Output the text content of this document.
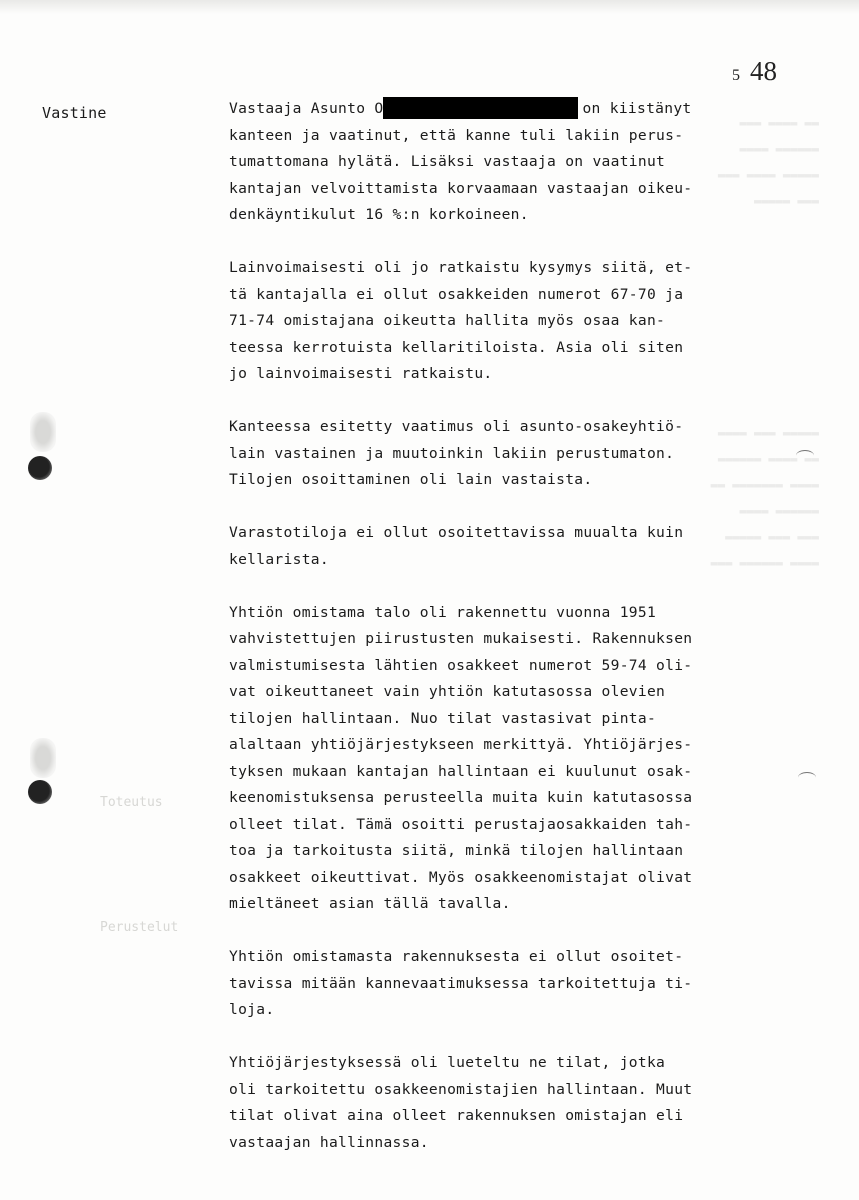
5 48
Vastine
Toteutus
Perustelut
▬▬▬ ▬▬▬▬ ▬▬
▬▬▬▬ ▬▬▬▬▬▬
▬▬▬ ▬▬▬▬ ▬▬▬▬▬
▬▬▬▬▬ ▬▬▬
▬▬▬▬ ▬▬▬ ▬▬▬▬▬
▬▬▬▬▬▬ ▬▬▬▬ ▬▬
▬▬ ▬▬▬▬▬▬▬ ▬▬▬▬
▬▬▬▬ ▬▬▬▬▬▬
▬▬▬▬▬ ▬▬▬ ▬▬▬
▬▬▬ ▬▬▬▬▬▬ ▬▬▬▬
Vastaaja Asunto O	on kiistänyt
kanteen ja vaatinut, että kanne tuli lakiin perus-
tumattomana hylätä. Lisäksi vastaaja on vaatinut
kantajan velvoittamista korvaamaan vastaajan oikeu-
denkäyntikulut 16 %:n korkoineen.
Lainvoimaisesti oli jo ratkaistu kysymys siitä, et-
tä kantajalla ei ollut osakkeiden numerot 67-70 ja
71-74 omistajana oikeutta hallita myös osaa kan-
teessa kerrotuista kellaritiloista. Asia oli siten
jo lainvoimaisesti ratkaistu.
Kanteessa esitetty vaatimus oli asunto-osakeyhtiö-
lain vastainen ja muutoinkin lakiin perustumaton.
Tilojen osoittaminen oli lain vastaista.
Varastotiloja ei ollut osoitettavissa muualta kuin
kellarista.
Yhtiön omistama talo oli rakennettu vuonna 1951
vahvistettujen piirustusten mukaisesti. Rakennuksen
valmistumisesta lähtien osakkeet numerot 59-74 oli-
vat oikeuttaneet vain yhtiön katutasossa olevien
tilojen hallintaan. Nuo tilat vastasivat pinta-
alaltaan yhtiöjärjestykseen merkittyä. Yhtiöjärjes-
tyksen mukaan kantajan hallintaan ei kuulunut osak-
keenomistuksensa perusteella muita kuin katutasossa
olleet tilat. Tämä osoitti perustajaosakkaiden tah-
toa ja tarkoitusta siitä, minkä tilojen hallintaan
osakkeet oikeuttivat. Myös osakkeenomistajat olivat
mieltäneet asian tällä tavalla.
Yhtiön omistamasta rakennuksesta ei ollut osoitet-
tavissa mitään kannevaatimuksessa tarkoitettuja ti-
loja.
Yhtiöjärjestyksessä oli lueteltu ne tilat, jotka
oli tarkoitettu osakkeenomistajien hallintaan. Muut
tilat olivat aina olleet rakennuksen omistajan eli
vastaajan hallinnassa.
